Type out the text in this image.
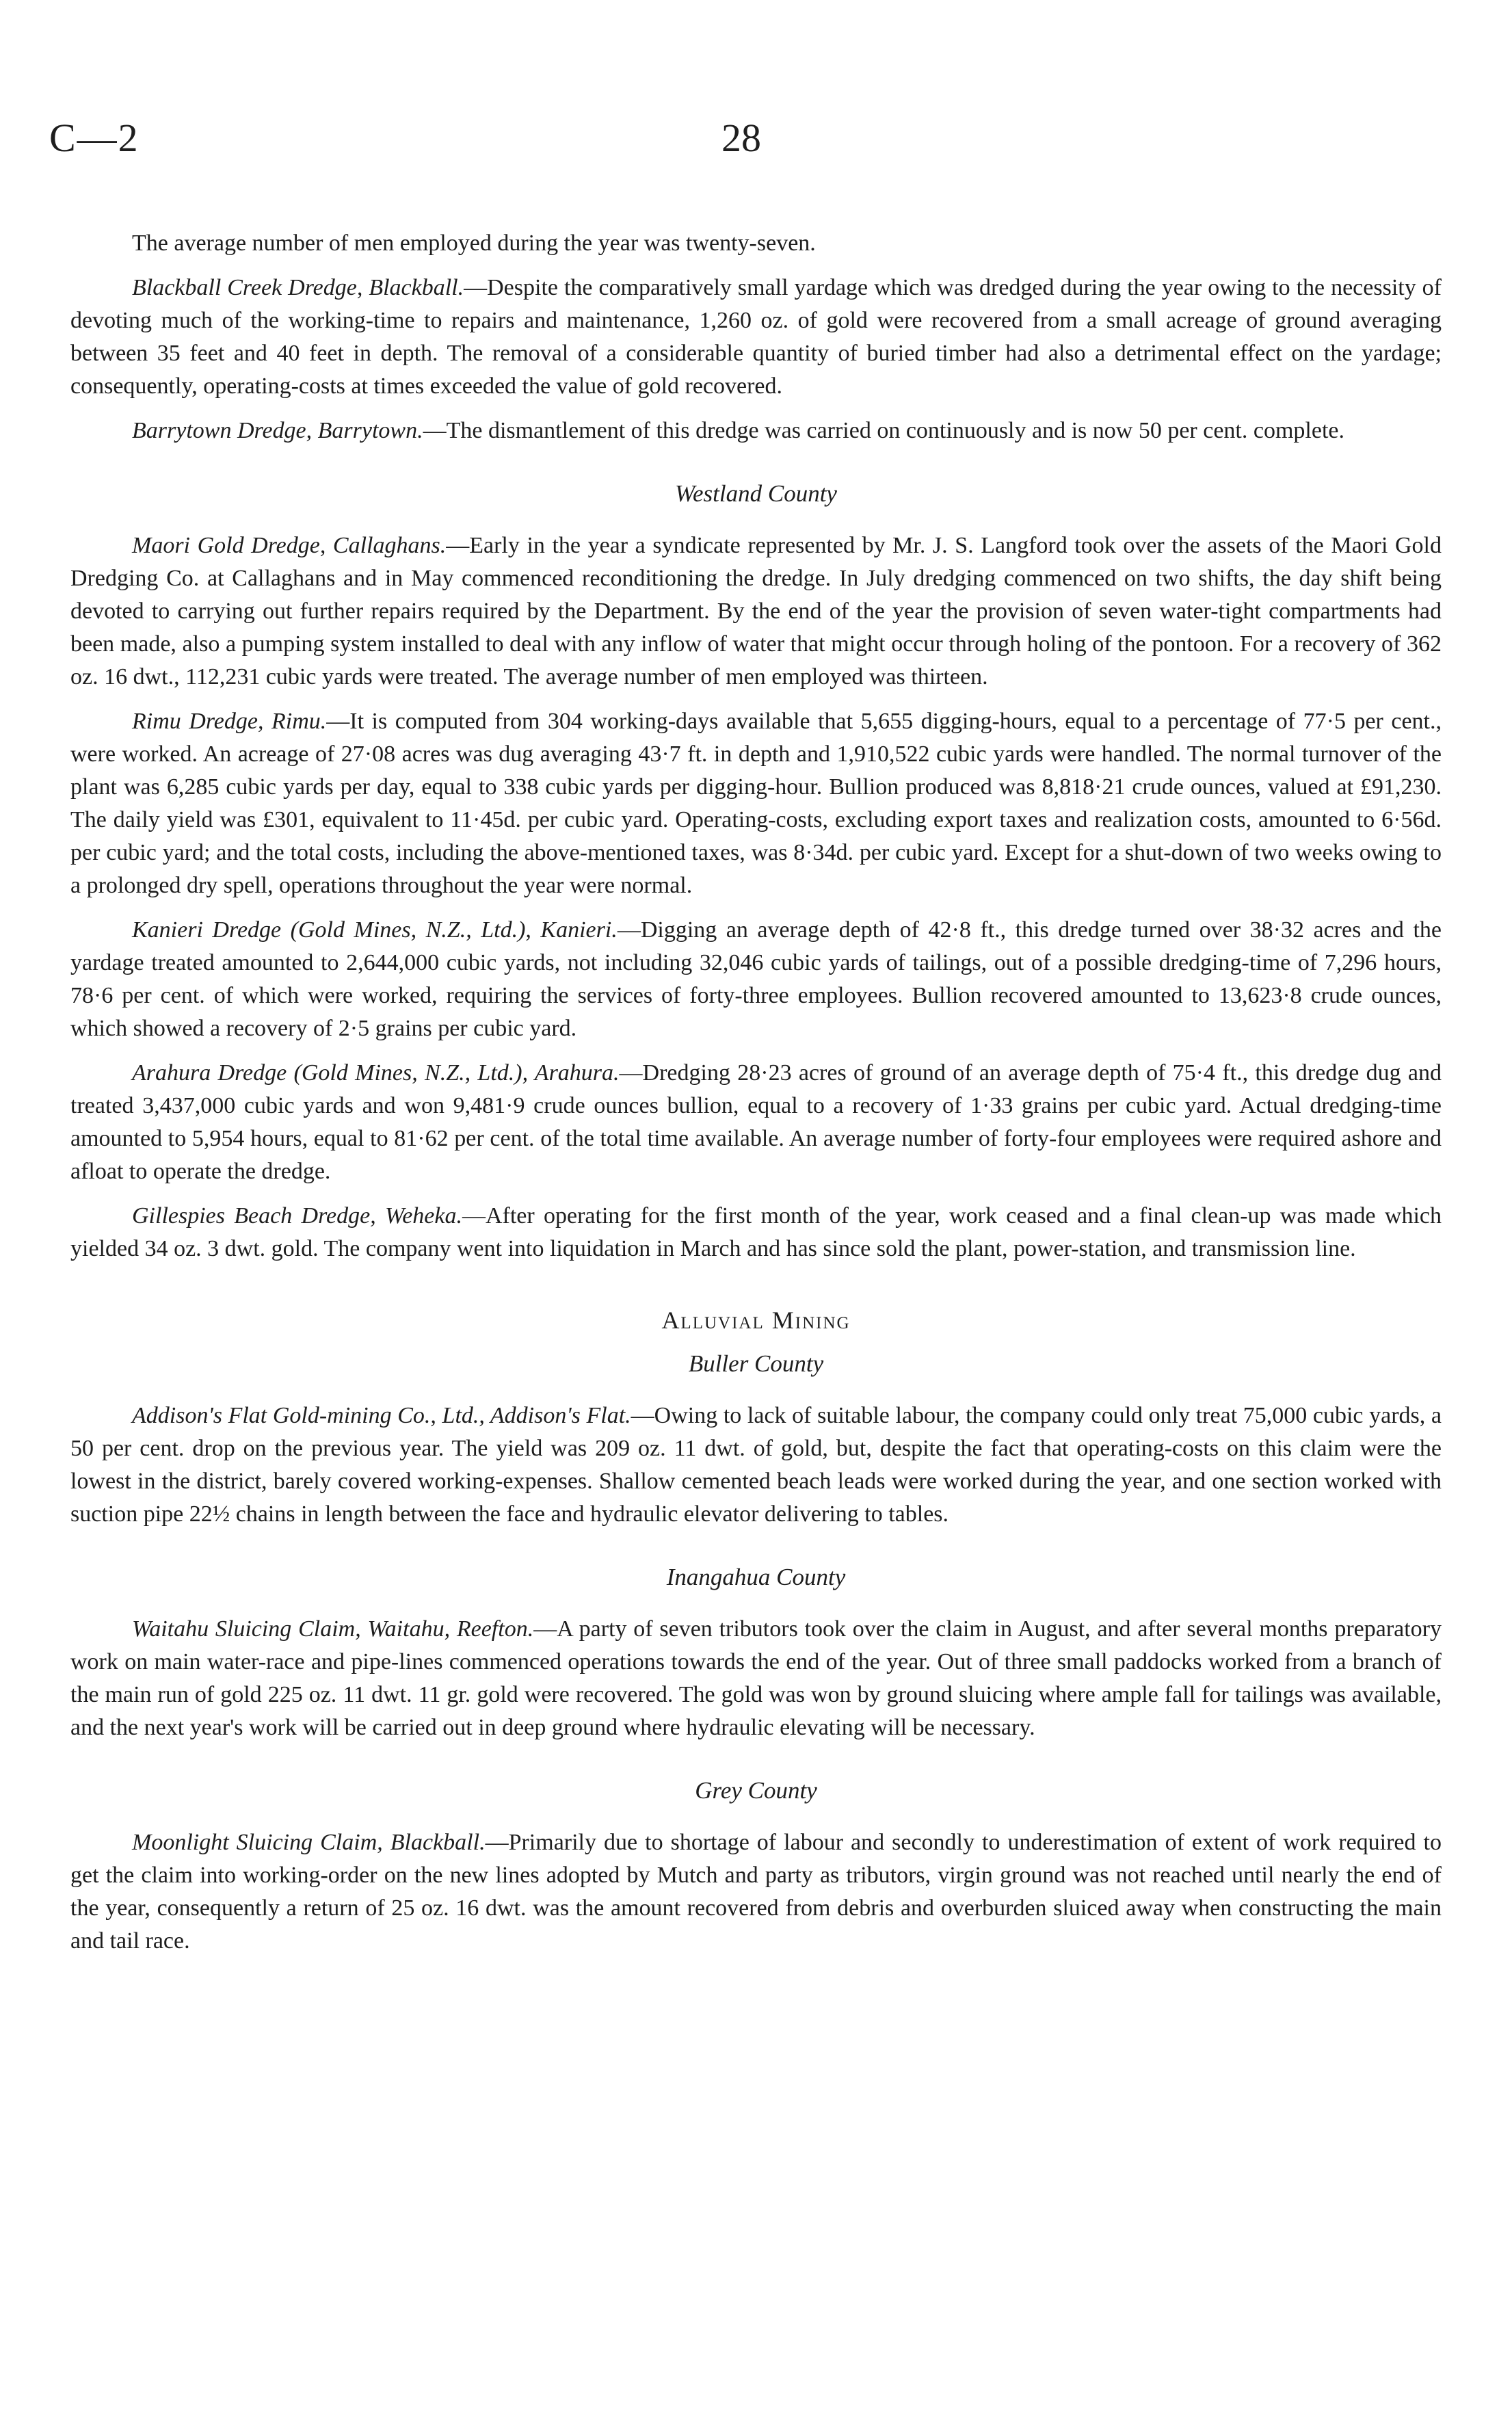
C—2	28

The average number of men employed during the year was twenty-seven.

Blackball Creek Dredge, Blackball.—Despite the comparatively small yardage which was dredged during the year owing to the necessity of devoting much of the working-time to repairs and maintenance, 1,260 oz. of gold were recovered from a small acreage of ground averaging between 35 feet and 40 feet in depth. The removal of a considerable quantity of buried timber had also a detrimental effect on the yardage; consequently, operating-costs at times exceeded the value of gold recovered.

Barrytown Dredge, Barrytown.—The dismantlement of this dredge was carried on continuously and is now 50 per cent. complete.

Westland County

Maori Gold Dredge, Callaghans.—Early in the year a syndicate represented by Mr. J. S. Langford took over the assets of the Maori Gold Dredging Co. at Callaghans and in May commenced reconditioning the dredge. In July dredging commenced on two shifts, the day shift being devoted to carrying out further repairs required by the Department. By the end of the year the provision of seven water-tight compartments had been made, also a pumping system installed to deal with any inflow of water that might occur through holing of the pontoon. For a recovery of 362 oz. 16 dwt., 112,231 cubic yards were treated. The average number of men employed was thirteen.

Rimu Dredge, Rimu.—It is computed from 304 working-days available that 5,655 digging-hours, equal to a percentage of 77·5 per cent., were worked. An acreage of 27·08 acres was dug averaging 43·7 ft. in depth and 1,910,522 cubic yards were handled. The normal turnover of the plant was 6,285 cubic yards per day, equal to 338 cubic yards per digging-hour. Bullion produced was 8,818·21 crude ounces, valued at £91,230. The daily yield was £301, equivalent to 11·45d. per cubic yard. Operating-costs, excluding export taxes and realization costs, amounted to 6·56d. per cubic yard; and the total costs, including the above-mentioned taxes, was 8·34d. per cubic yard. Except for a shut-down of two weeks owing to a prolonged dry spell, operations throughout the year were normal.

Kanieri Dredge (Gold Mines, N.Z., Ltd.), Kanieri.—Digging an average depth of 42·8 ft., this dredge turned over 38·32 acres and the yardage treated amounted to 2,644,000 cubic yards, not including 32,046 cubic yards of tailings, out of a possible dredging-time of 7,296 hours, 78·6 per cent. of which were worked, requiring the services of forty-three employees. Bullion recovered amounted to 13,623·8 crude ounces, which showed a recovery of 2·5 grains per cubic yard.

Arahura Dredge (Gold Mines, N.Z., Ltd.), Arahura.—Dredging 28·23 acres of ground of an average depth of 75·4 ft., this dredge dug and treated 3,437,000 cubic yards and won 9,481·9 crude ounces bullion, equal to a recovery of 1·33 grains per cubic yard. Actual dredging-time amounted to 5,954 hours, equal to 81·62 per cent. of the total time available. An average number of forty-four employees were required ashore and afloat to operate the dredge.

Gillespies Beach Dredge, Weheka.—After operating for the first month of the year, work ceased and a final clean-up was made which yielded 34 oz. 3 dwt. gold. The company went into liquidation in March and has since sold the plant, power-station, and transmission line.

Alluvial Mining
Buller County

Addison's Flat Gold-mining Co., Ltd., Addison's Flat.—Owing to lack of suitable labour, the company could only treat 75,000 cubic yards, a 50 per cent. drop on the previous year. The yield was 209 oz. 11 dwt. of gold, but, despite the fact that operating-costs on this claim were the lowest in the district, barely covered working-expenses. Shallow cemented beach leads were worked during the year, and one section worked with suction pipe 22½ chains in length between the face and hydraulic elevator delivering to tables.

Inangahua County

Waitahu Sluicing Claim, Waitahu, Reefton.—A party of seven tributors took over the claim in August, and after several months preparatory work on main water-race and pipe-lines commenced operations towards the end of the year. Out of three small paddocks worked from a branch of the main run of gold 225 oz. 11 dwt. 11 gr. gold were recovered. The gold was won by ground sluicing where ample fall for tailings was available, and the next year's work will be carried out in deep ground where hydraulic elevating will be necessary.

Grey County

Moonlight Sluicing Claim, Blackball.—Primarily due to shortage of labour and secondly to underestimation of extent of work required to get the claim into working-order on the new lines adopted by Mutch and party as tributors, virgin ground was not reached until nearly the end of the year, consequently a return of 25 oz. 16 dwt. was the amount recovered from debris and overburden sluiced away when constructing the main and tail race.
